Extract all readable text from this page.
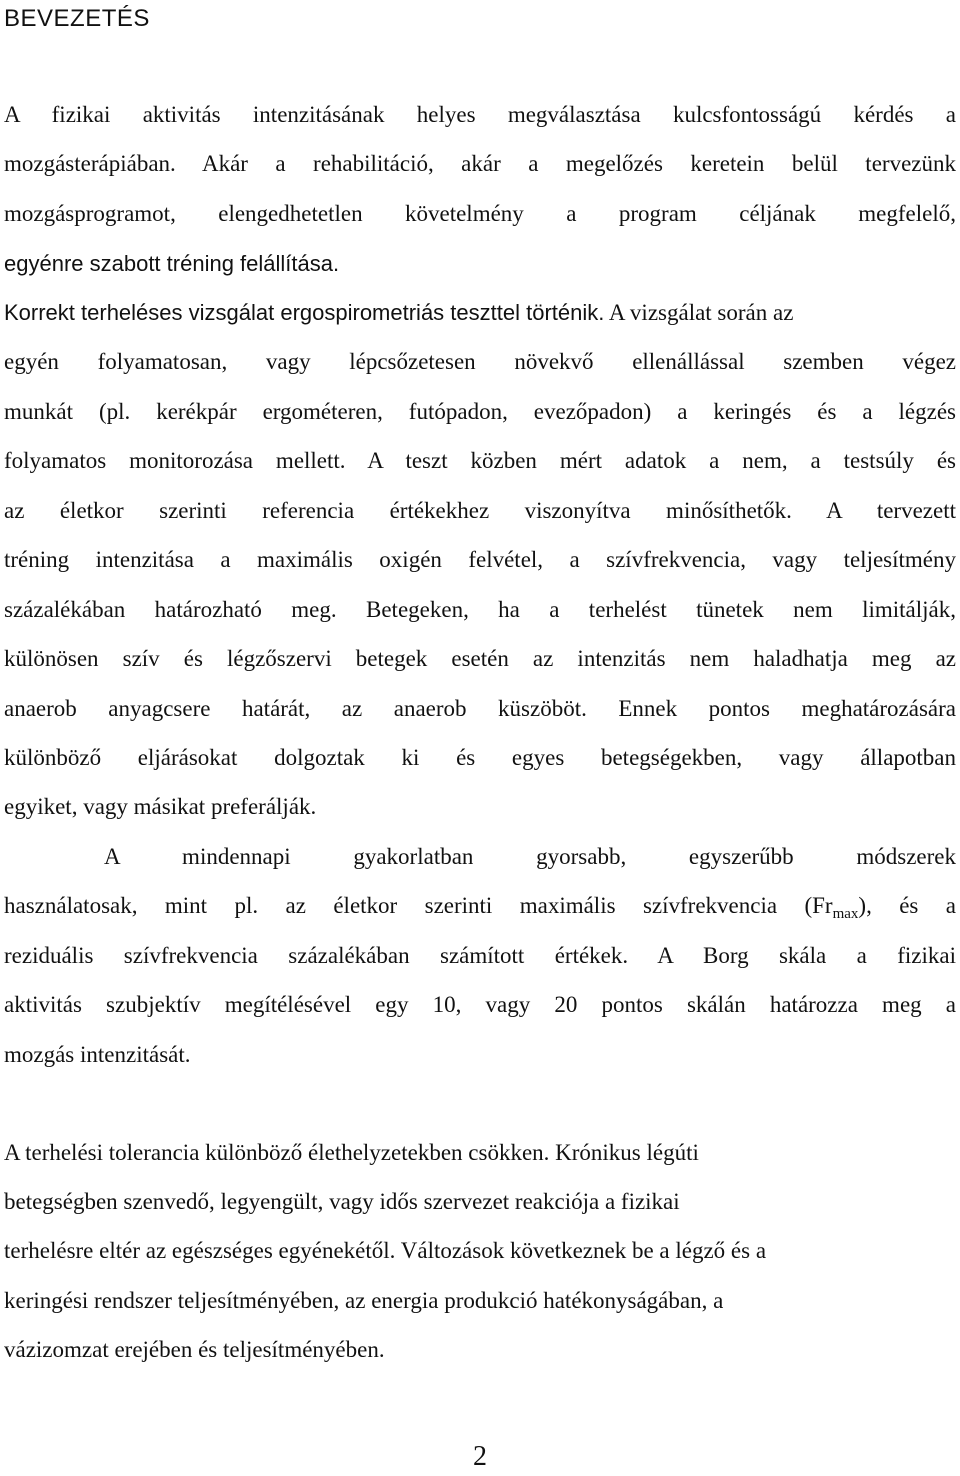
BEVEZETÉS
A fizikai aktivitás intenzitásának helyes megválasztása kulcsfontosságú kérdés a
mozgásterápiában. Akár a rehabilitáció, akár a megelőzés keretein belül tervezünk
mozgásprogramot, elengedhetetlen követelmény a program céljának megfelelő,
egyénre szabott tréning felállítása.
Korrekt terheléses vizsgálat ergospirometriás teszttel történik. A vizsgálat során az
egyén folyamatosan, vagy lépcsőzetesen növekvő ellenállással szemben végez
munkát (pl. kerékpár ergométeren, futópadon, evezőpadon) a keringés és a légzés
folyamatos monitorozása mellett. A teszt közben mért adatok a nem, a testsúly és
az életkor szerinti referencia értékekhez viszonyítva minősíthetők. A tervezett
tréning intenzitása a maximális oxigén felvétel, a szívfrekvencia, vagy teljesítmény
százalékában határozható meg. Betegeken, ha a terhelést tünetek nem limitálják,
különösen szív és légzőszervi betegek esetén az intenzitás nem haladhatja meg az
anaerob anyagcsere határát, az anaerob küszöböt. Ennek pontos meghatározására
különböző eljárásokat dolgoztak ki és egyes betegségekben, vagy állapotban
egyiket, vagy másikat preferálják.
A mindennapi gyakorlatban gyorsabb, egyszerűbb módszerek
használatosak, mint pl. az életkor szerinti maximális szívfrekvencia $(Fr_{max})$, és a
reziduális szívfrekvencia százalékában számított értékek. A Borg skála a fizikai
aktivitás szubjektív megítélésével egy 10, vagy 20 pontos skálán határozza meg a
mozgás intenzitását.
A terhelési tolerancia különböző élethelyzetekben csökken. Krónikus légúti
betegségben szenvedő, legyengült, vagy idős szervezet reakciója a fizikai
terhelésre eltér az egészséges egyénekétől. Változások következnek be a légző és a
keringési rendszer teljesítményében, az energia produkció hatékonyságában, a
vázizomzat erejében és teljesítményében.
2
